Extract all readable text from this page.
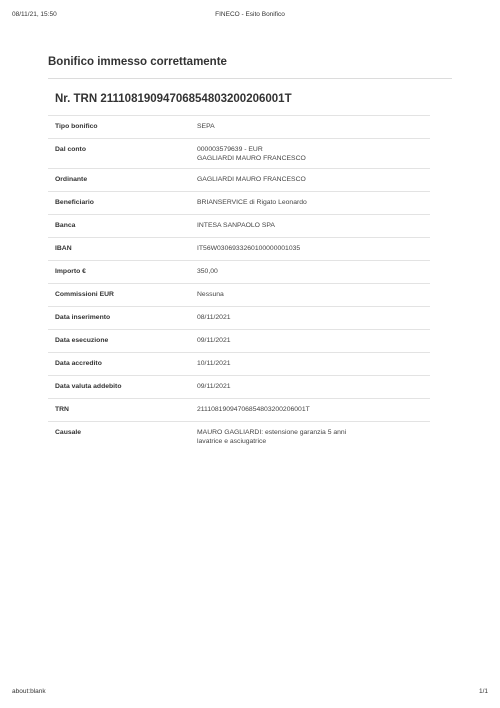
08/11/21, 15:50	FINECO - Esito Bonifico
Bonifico immesso correttamente
Nr. TRN 21110819094706854803200206001T
Tipo bonifico	SEPA
Dal conto	000003579639 - EUR
GAGLIARDI MAURO FRANCESCO
Ordinante	GAGLIARDI MAURO FRANCESCO
Beneficiario	BRIANSERVICE di Rigato Leonardo
Banca	INTESA SANPAOLO SPA
IBAN	IT56W0306933260100000001035
Importo €	350,00
Commissioni EUR	Nessuna
Data inserimento	08/11/2021
Data esecuzione	09/11/2021
Data accredito	10/11/2021
Data valuta addebito	09/11/2021
TRN	21110819094706854803200206001T
Causale	MAURO GAGLIARDI: estensione garanzia 5 anni
lavatrice e asciugatrice
about:blank	1/1
